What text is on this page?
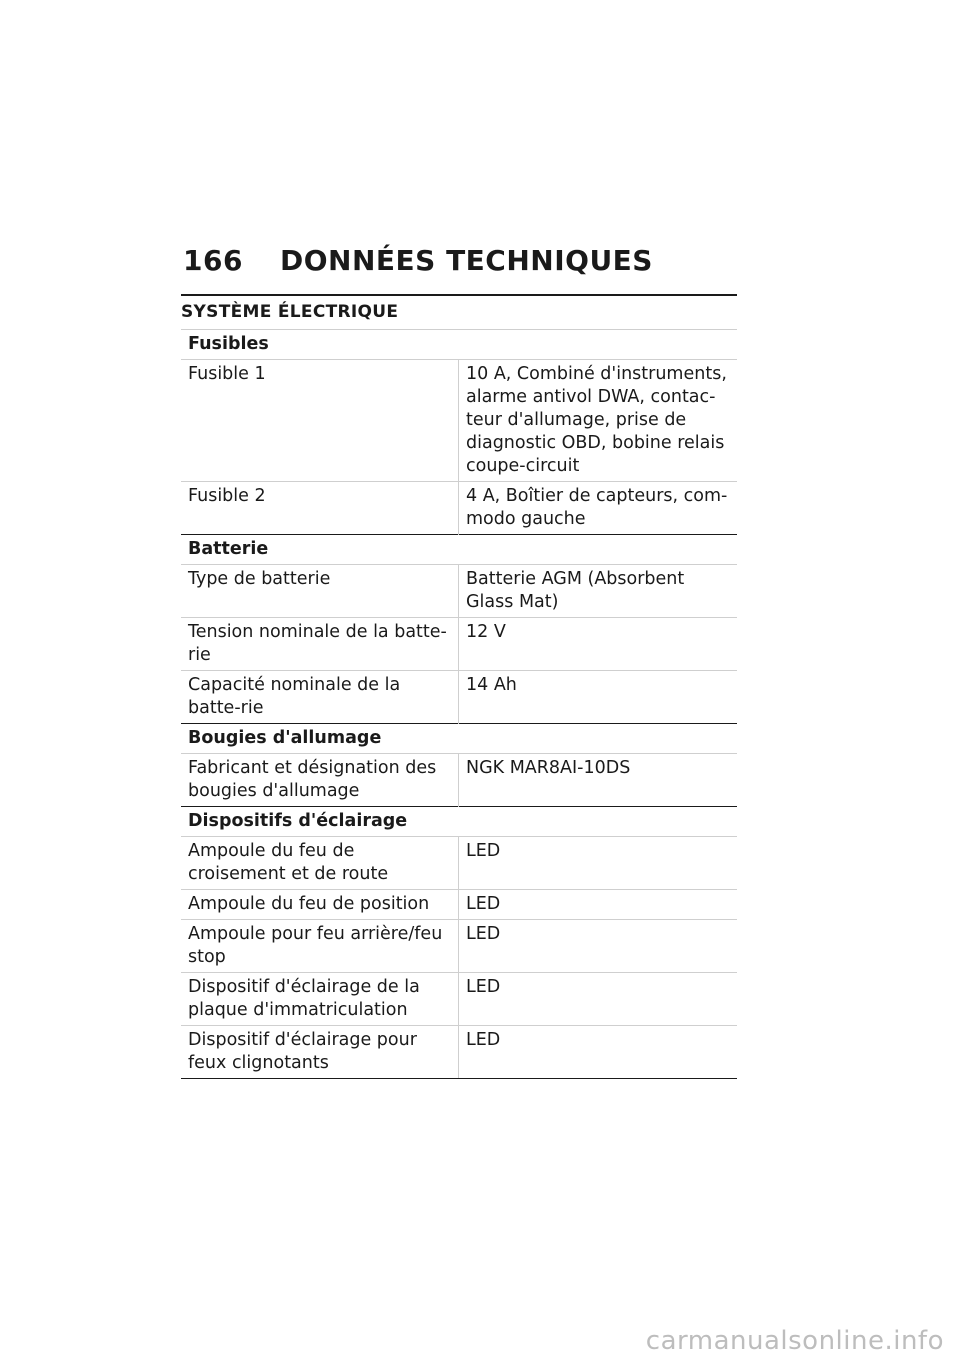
166	DONNÉES TECHNIQUES
SYSTÈME ÉLECTRIQUE
Fusibles	
Fusible 1	10 A, Combiné d'instruments, alarme antivol DWA, contac-teur d'allumage, prise de diagnostic OBD, bobine relais coupe-circuit
Fusible 2	4 A, Boîtier de capteurs, com-modo gauche
Batterie	
Type de batterie	Batterie AGM (Absorbent Glass Mat)
Tension nominale de la batte-rie	12 V
Capacité nominale de la batte-rie	14 Ah
Bougies d'allumage	
Fabricant et désignation des bougies d'allumage	NGK MAR8AI-10DS
Dispositifs d'éclairage	
Ampoule du feu de croisement et de route	LED
Ampoule du feu de position	LED
Ampoule pour feu arrière/feu stop	LED
Dispositif d'éclairage de la plaque d'immatriculation	LED
Dispositif d'éclairage pour feux clignotants	LED
carmanualsonline.info
